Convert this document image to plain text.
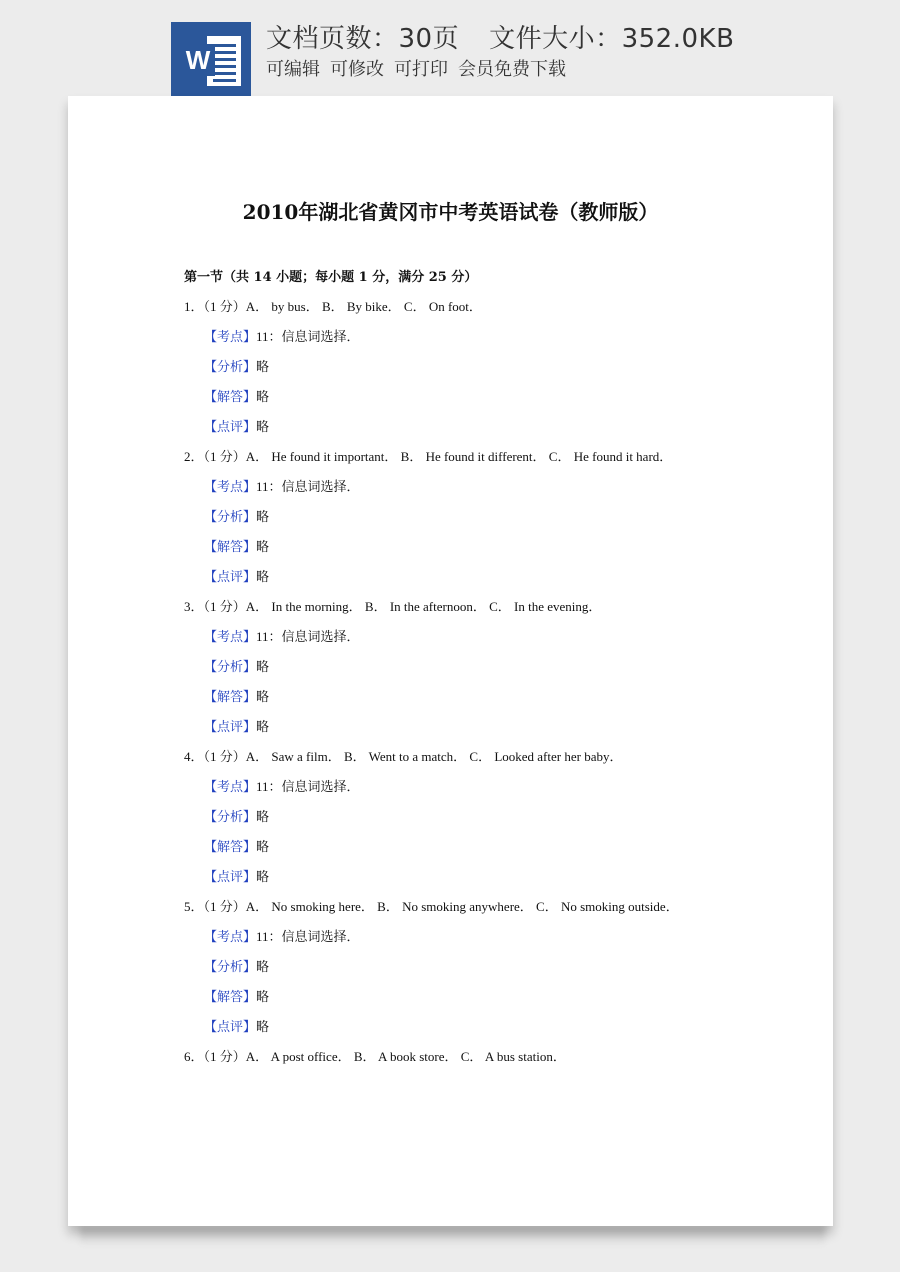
W
文档页数：30页 文件大小：352.0KB
可编辑 可修改 可打印 会员免费下载
2010年湖北省黄冈市中考英语试卷（教师版）
第一节（共 14 小题；每小题 1 分，满分 25 分）
1．（1 分）A． by bus． B． By bike． C． On foot．
【考点】11：信息词选择．
【分析】略
【解答】略
【点评】略
2．（1 分）A． He found it important． B． He found it different． C． He found it hard．
【考点】11：信息词选择．
【分析】略
【解答】略
【点评】略
3．（1 分）A． In the morning． B． In the afternoon． C． In the evening．
【考点】11：信息词选择．
【分析】略
【解答】略
【点评】略
4．（1 分）A． Saw a film． B． Went to a match． C． Looked after her baby．
【考点】11：信息词选择．
【分析】略
【解答】略
【点评】略
5．（1 分）A． No smoking here． B． No smoking anywhere． C． No smoking outside．
【考点】11：信息词选择．
【分析】略
【解答】略
【点评】略
6．（1 分）A． A post office． B． A book store． C． A bus station．
